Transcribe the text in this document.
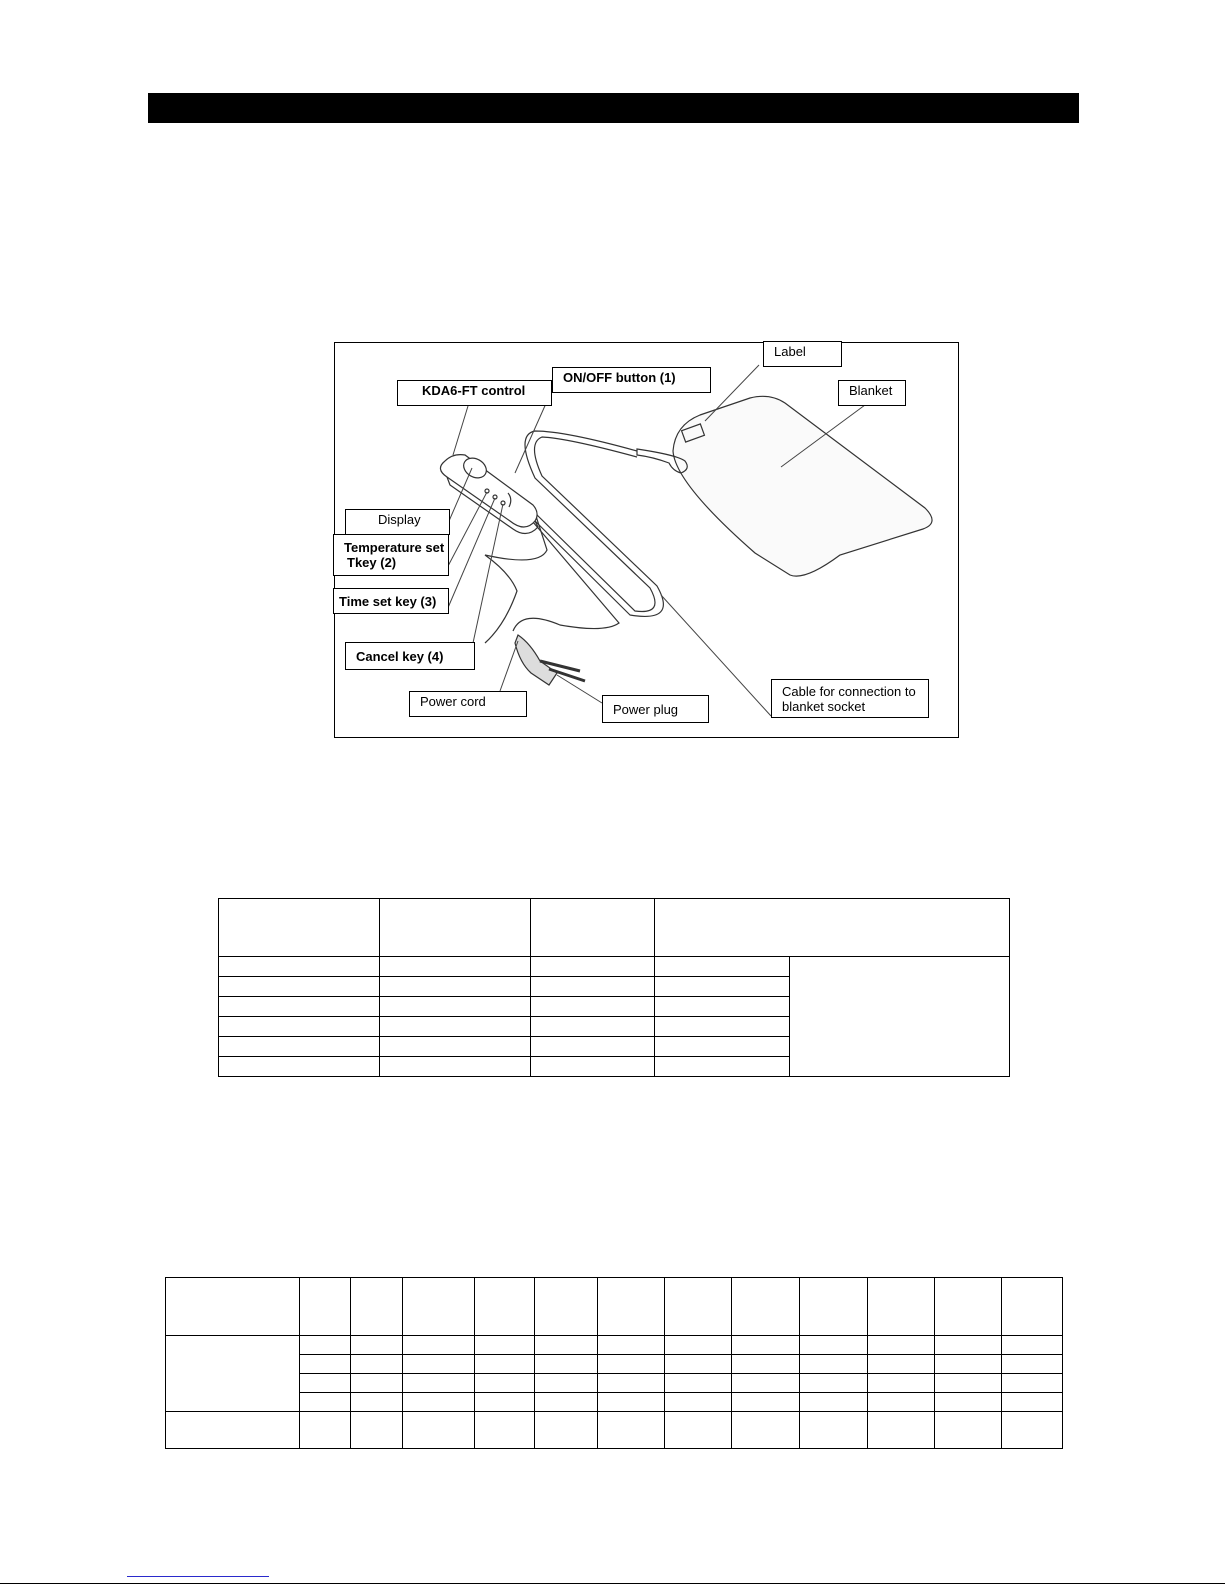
Label
Blanket
ON/OFF button (1)
KDA6-FT control
Display
Temperature set
Tkey (2)
Time set key (3)
Cancel key (4)
Power cord
Power plug
Cable for connection to
blanket socket
